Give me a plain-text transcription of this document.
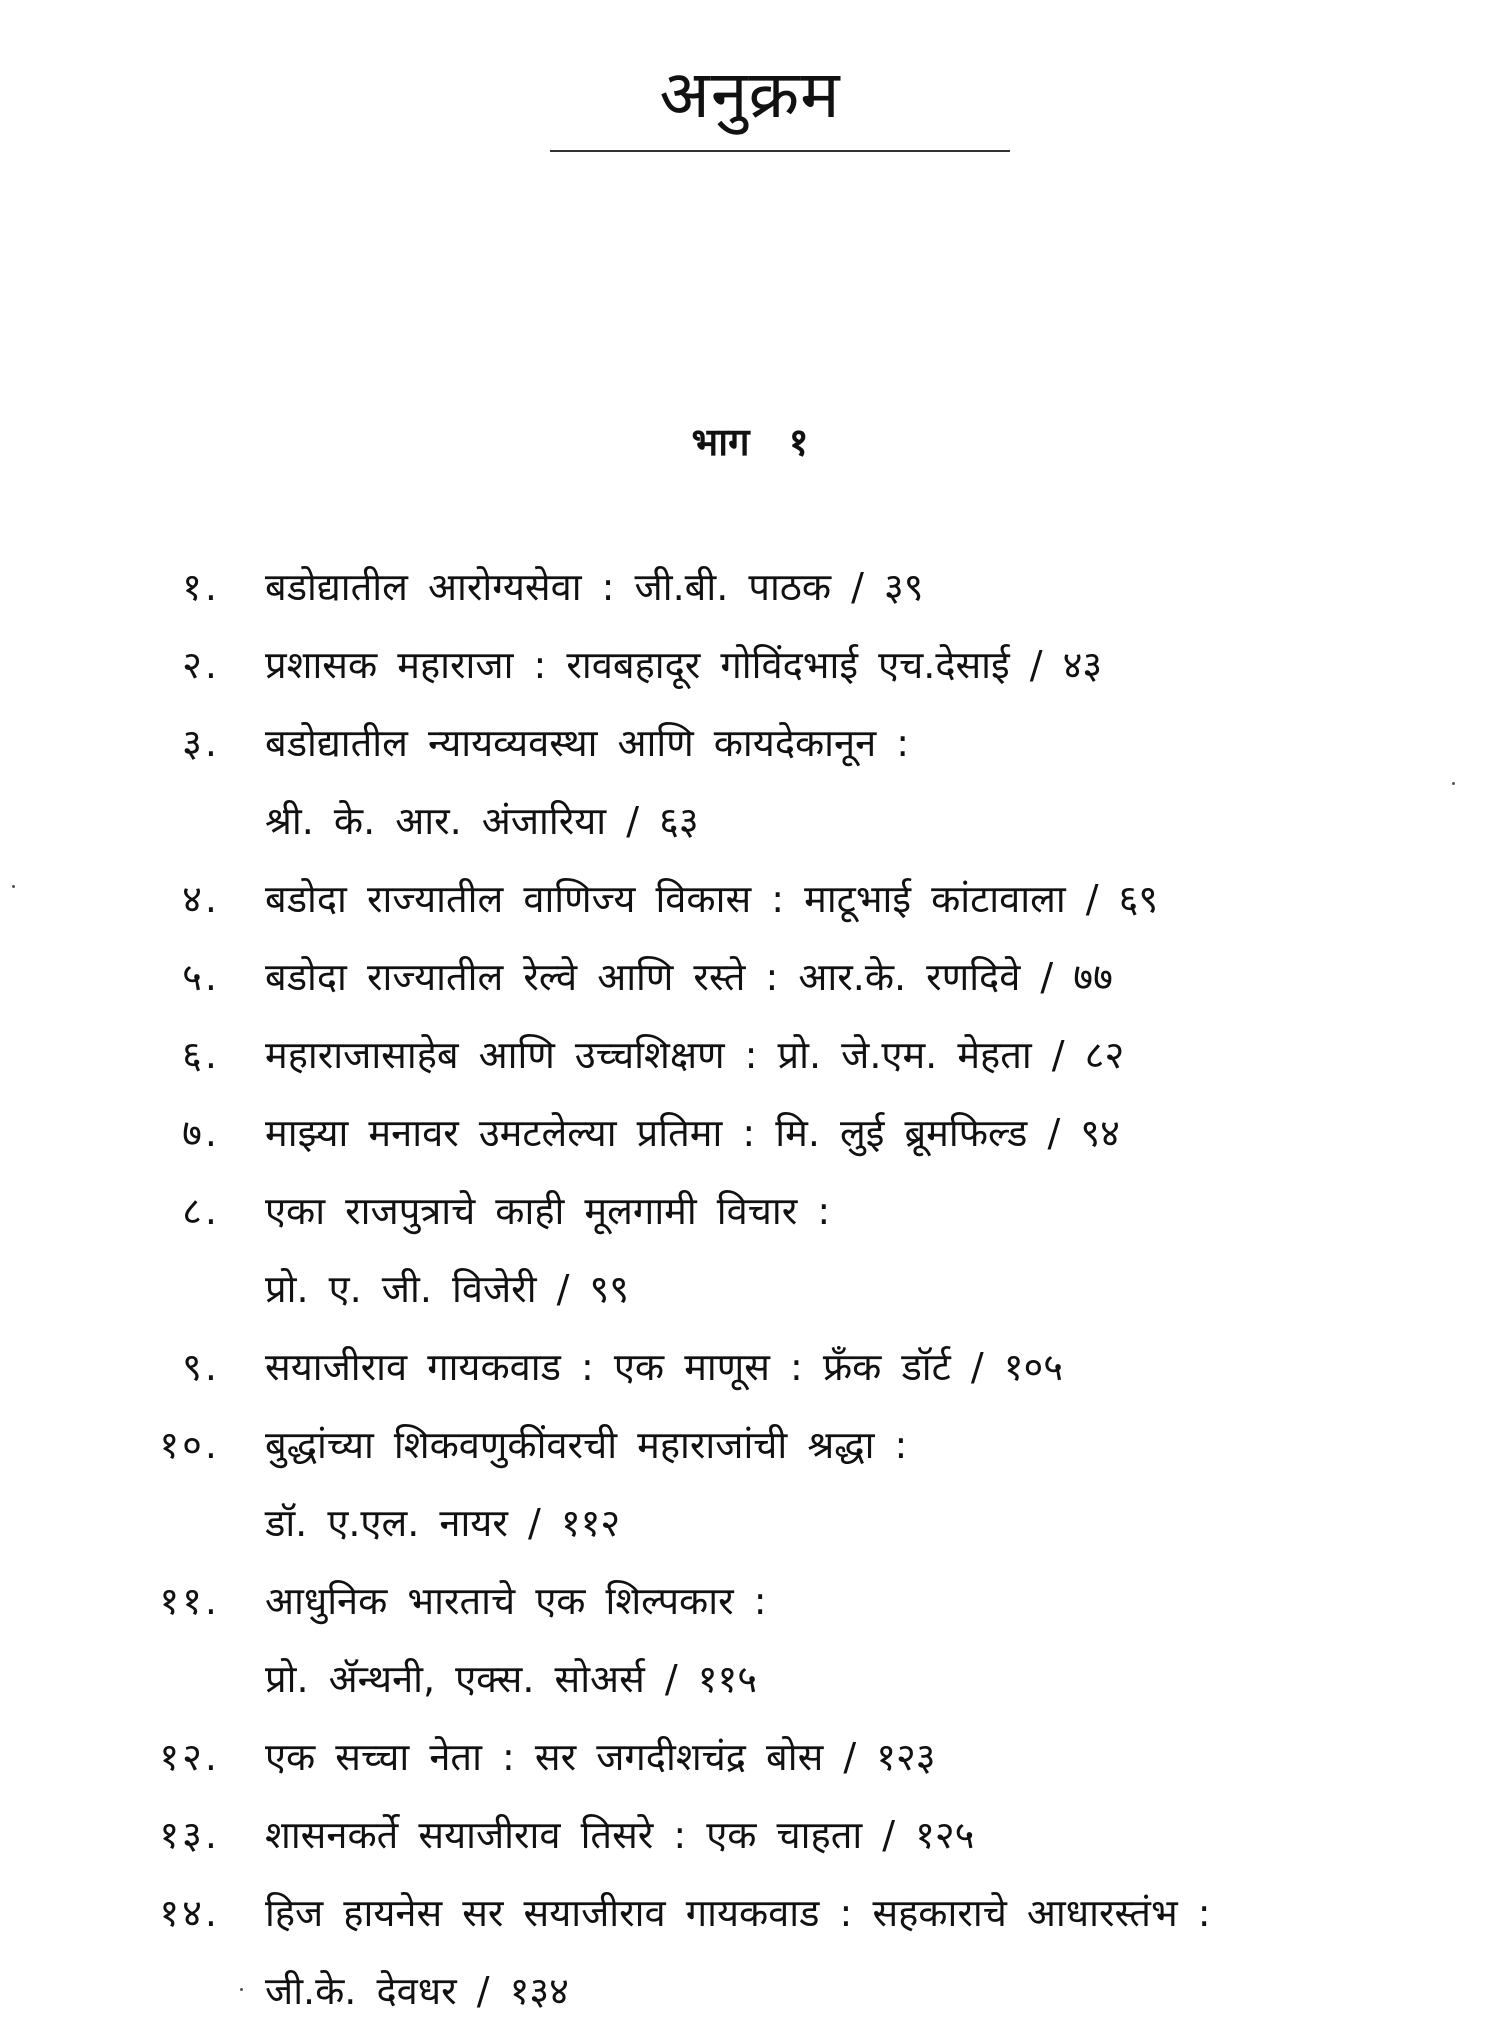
अनुक्रम
भाग १
१. बडोद्यातील आरोग्यसेवा : जी.बी. पाठक / ३९
२. प्रशासक महाराजा : रावबहादूर गोविंदभाई एच.देसाई / ४३
३. बडोद्यातील न्यायव्यवस्था आणि कायदेकानून :
श्री. के. आर. अंजारिया / ६३
४. बडोदा राज्यातील वाणिज्य विकास : माटूभाई कांटावाला / ६९
५. बडोदा राज्यातील रेल्वे आणि रस्ते : आर.के. रणदिवे / ७७
६. महाराजासाहेब आणि उच्चशिक्षण : प्रो. जे.एम. मेहता / ८२
७. माझ्या मनावर उमटलेल्या प्रतिमा : मि. लुई ब्रूमफिल्ड / ९४
८. एका राजपुत्राचे काही मूलगामी विचार :
प्रो. ए. जी. विजेरी / ९९
९. सयाजीराव गायकवाड : एक माणूस : फ्रँक डॉर्ट / १०५
१०. बुद्धांच्या शिकवणुकींवरची महाराजांची श्रद्धा :
डॉ. ए.एल. नायर / ११२
११. आधुनिक भारताचे एक शिल्पकार :
प्रो. ॲन्थनी, एक्स. सोअर्स / ११५
१२. एक सच्चा नेता : सर जगदीशचंद्र बोस / १२३
१३. शासनकर्ते सयाजीराव तिसरे : एक चाहता / १२५
१४. हिज हायनेस सर सयाजीराव गायकवाड : सहकाराचे आधारस्तंभ :
जी.के. देवधर / १३४
